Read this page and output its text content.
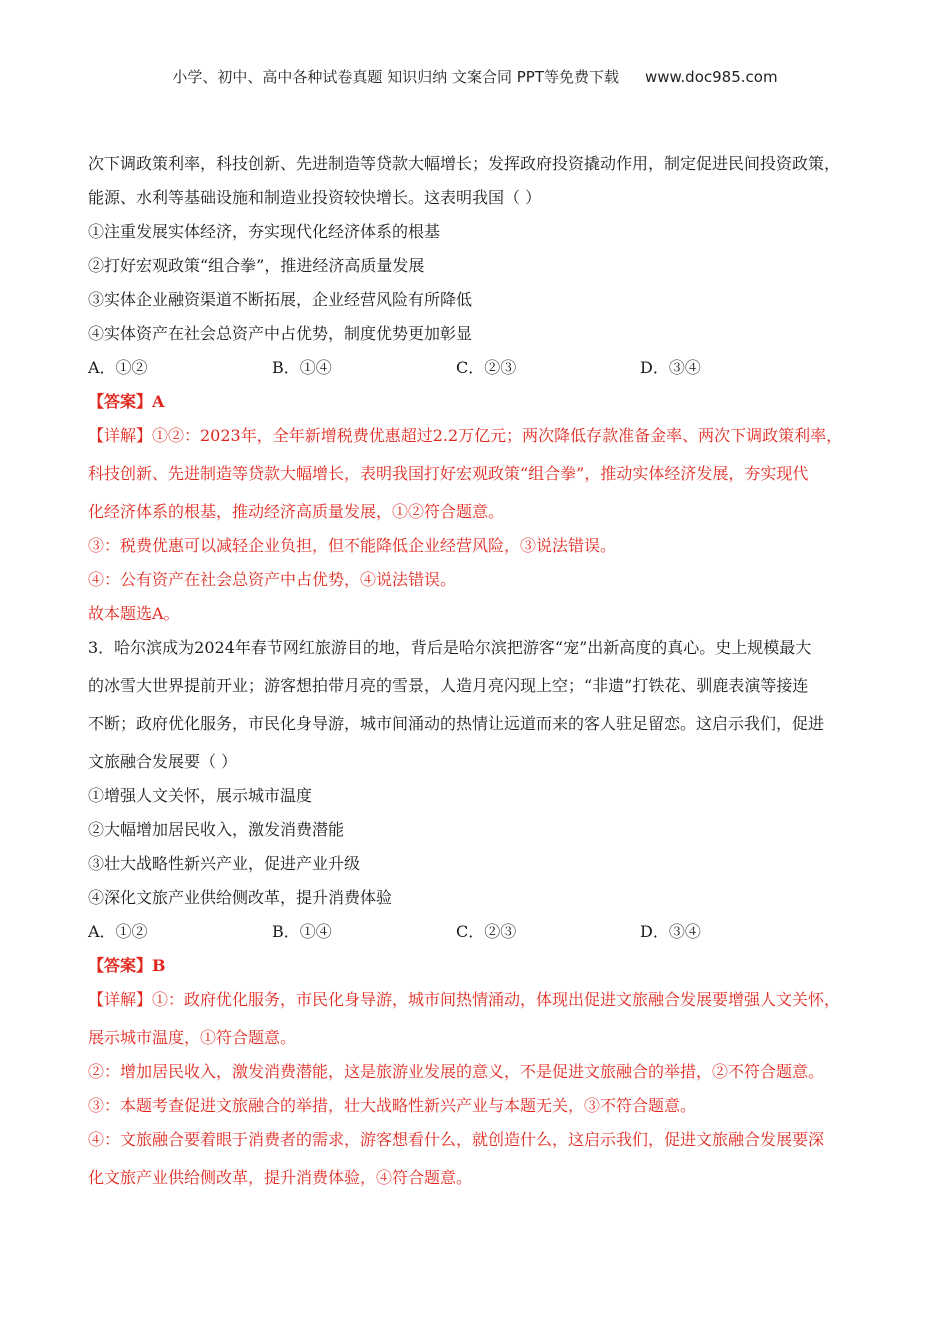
小学、初中、高中各种试卷真题 知识归纳 文案合同 PPT等免费下载 www.doc985.com
次下调政策利率，科技创新、先进制造等贷款大幅增长；发挥政府投资撬动作用，制定促进民间投资政策，
能源、水利等基础设施和制造业投资较快增长。这表明我国（ ）
①注重发展实体经济，夯实现代化经济体系的根基
②打好宏观政策“组合拳”，推进经济高质量发展
③实体企业融资渠道不断拓展，企业经营风险有所降低
④实体资产在社会总资产中占优势，制度优势更加彰显
A．①②	B．①④	C．②③	D．③④
【答案】A
【详解】①②：2023年，全年新增税费优惠超过2.2万亿元；两次降低存款准备金率、两次下调政策利率，
科技创新、先进制造等贷款大幅增长，表明我国打好宏观政策“组合拳”，推动实体经济发展，夯实现代
化经济体系的根基，推动经济高质量发展，①②符合题意。
③：税费优惠可以减轻企业负担，但不能降低企业经营风险，③说法错误。
④：公有资产在社会总资产中占优势，④说法错误。
故本题选A。
3．哈尔滨成为2024年春节网红旅游目的地，背后是哈尔滨把游客“宠”出新高度的真心。史上规模最大
的冰雪大世界提前开业；游客想拍带月亮的雪景，人造月亮闪现上空；“非遗”打铁花、驯鹿表演等接连
不断；政府优化服务，市民化身导游，城市间涌动的热情让远道而来的客人驻足留恋。这启示我们，促进
文旅融合发展要（ ）
①增强人文关怀，展示城市温度
②大幅增加居民收入，激发消费潜能
③壮大战略性新兴产业，促进产业升级
④深化文旅产业供给侧改革，提升消费体验
A．①②	B．①④	C．②③	D．③④
【答案】B
【详解】①：政府优化服务，市民化身导游，城市间热情涌动，体现出促进文旅融合发展要增强人文关怀，
展示城市温度，①符合题意。
②：增加居民收入，激发消费潜能，这是旅游业发展的意义，不是促进文旅融合的举措，②不符合题意。
③：本题考查促进文旅融合的举措，壮大战略性新兴产业与本题无关，③不符合题意。
④：文旅融合要着眼于消费者的需求，游客想看什么，就创造什么，这启示我们，促进文旅融合发展要深
化文旅产业供给侧改革，提升消费体验，④符合题意。
